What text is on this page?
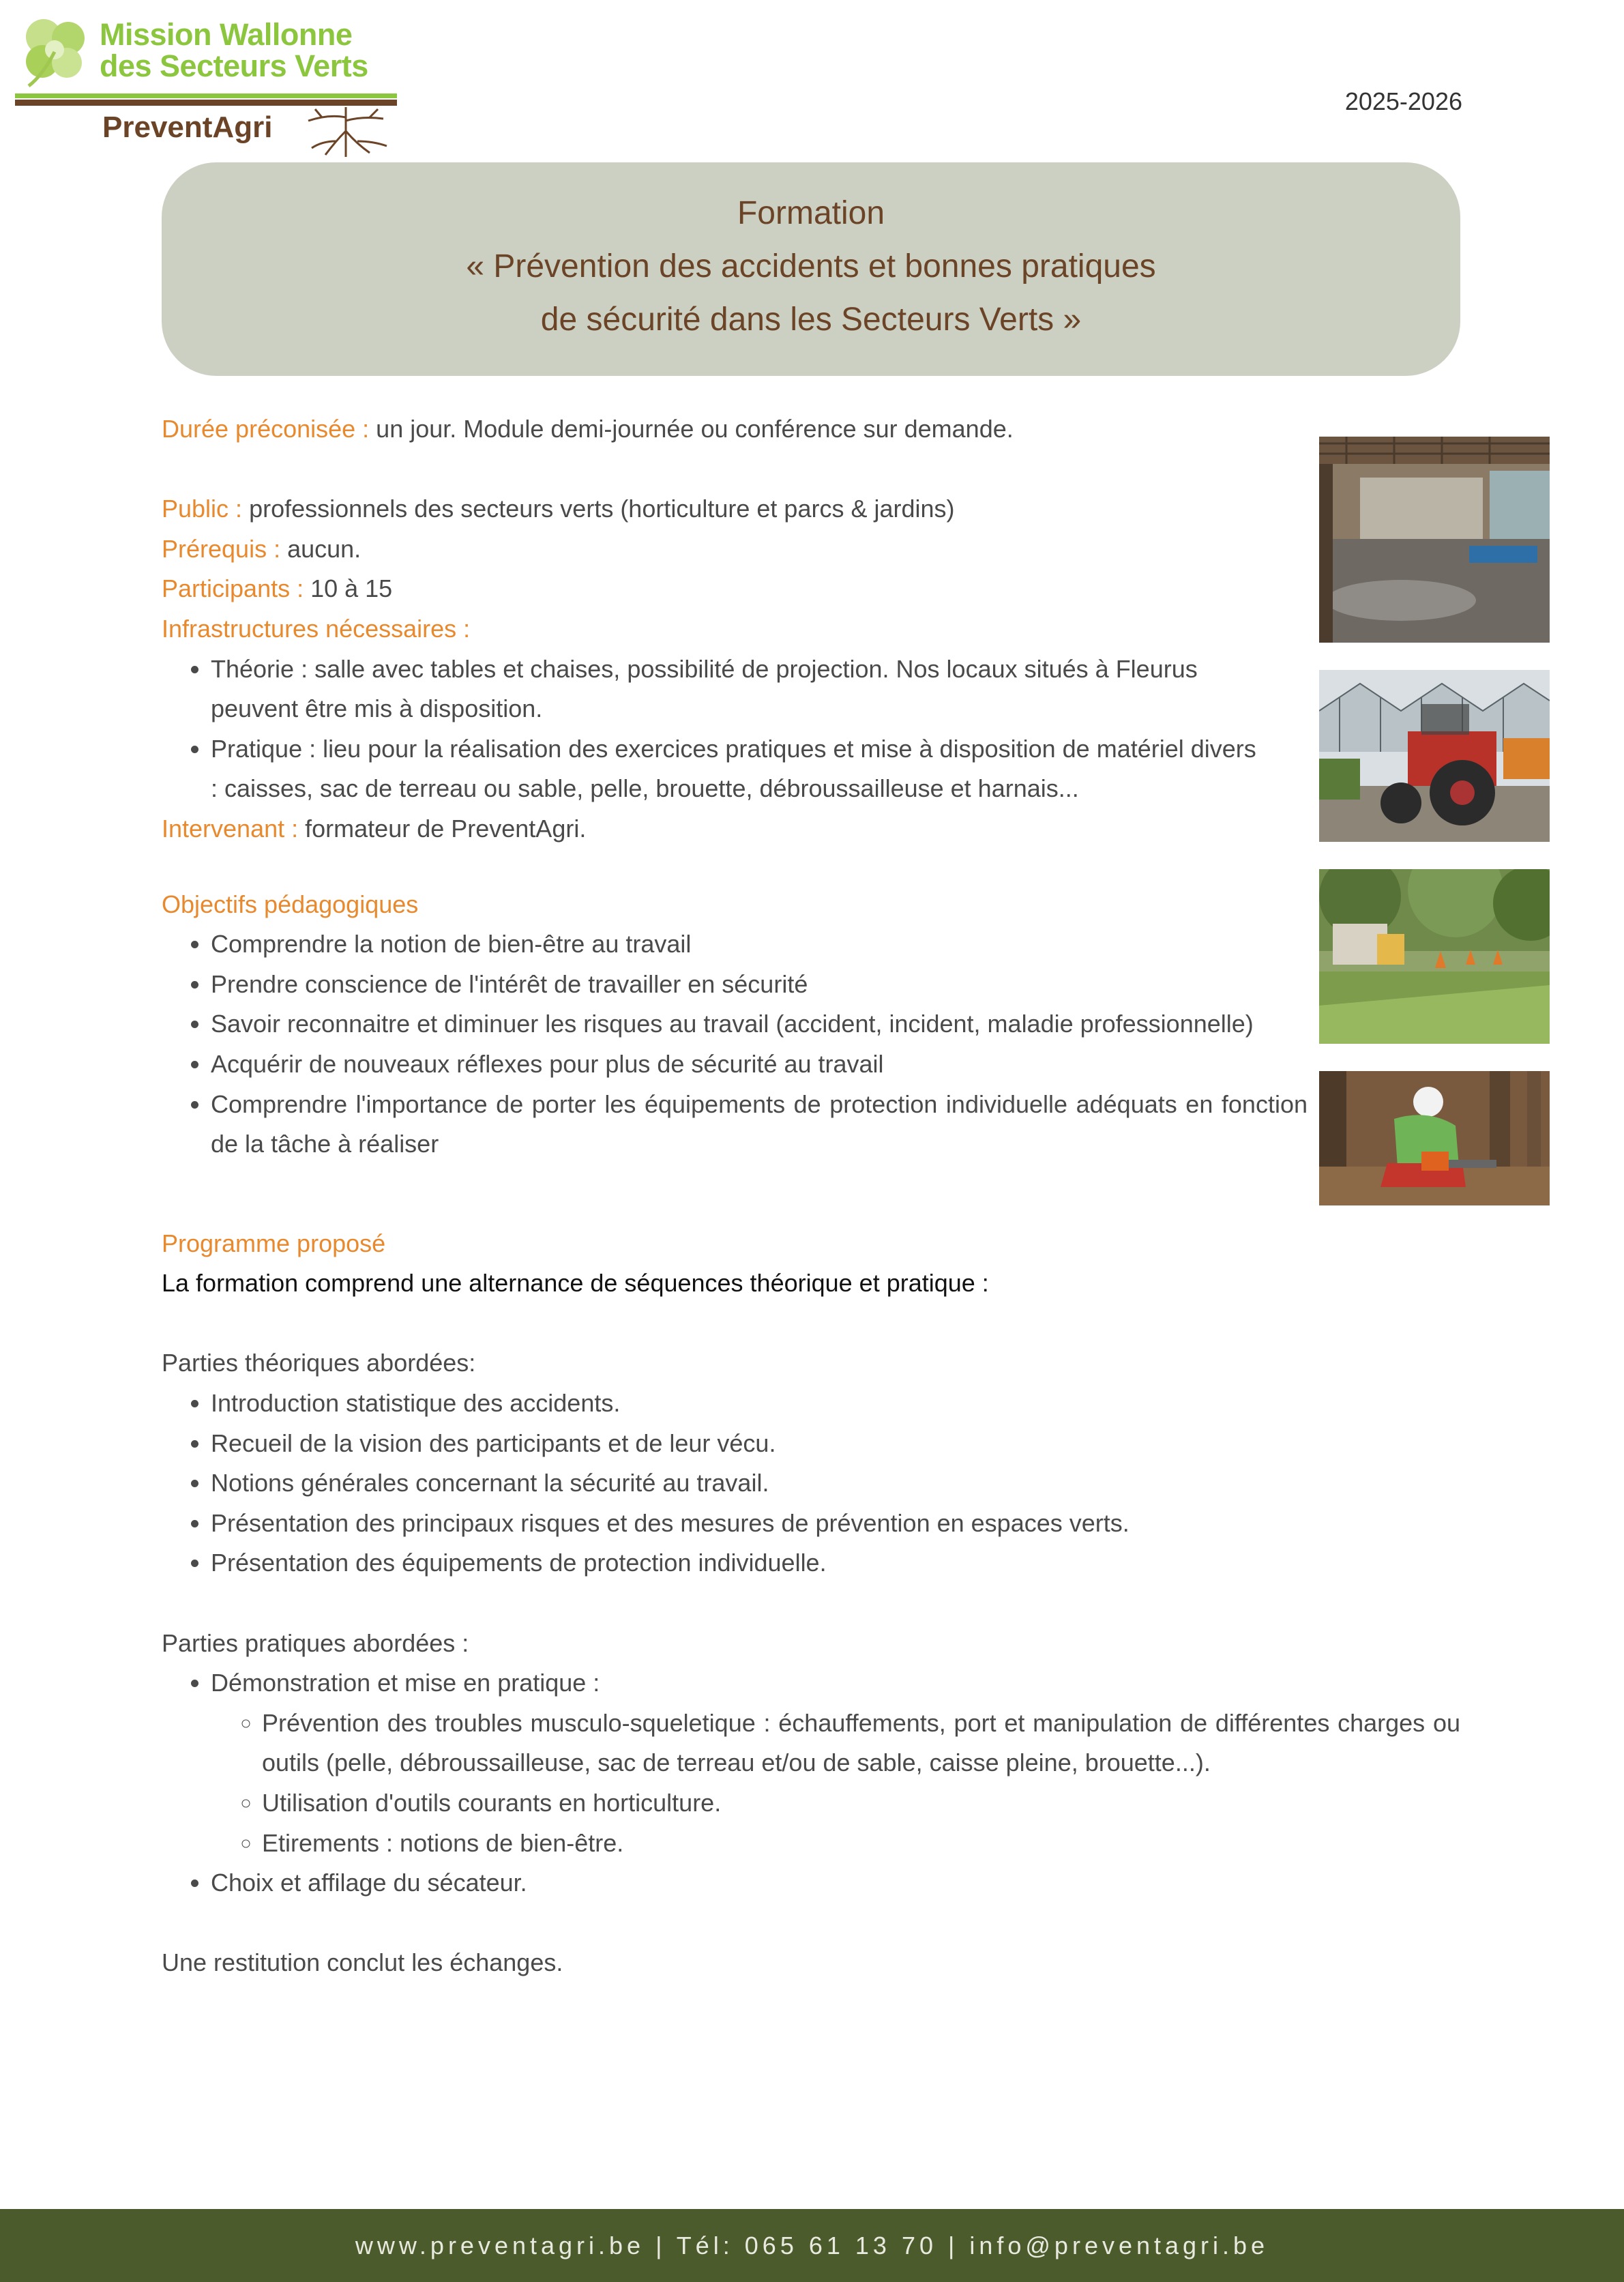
Mission Wallonne
des Secteurs Verts
PreventAgri
2025-2026
Formation
« Prévention des accidents et bonnes pratiques
de sécurité dans les Secteurs Verts »
Durée préconisée : un jour. Module demi-journée ou conférence sur demande.
Public : professionnels des secteurs verts (horticulture et parcs & jardins)
Prérequis : aucun.
Participants : 10 à 15
Infrastructures nécessaires :
• Théorie : salle avec tables et chaises, possibilité de projection. Nos locaux situés à Fleurus peuvent être mis à disposition.
• Pratique : lieu pour la réalisation des exercices pratiques et mise à disposition de matériel divers : caisses, sac de terreau ou sable, pelle, brouette, débroussailleuse et harnais...
Intervenant : formateur de PreventAgri.
Objectifs pédagogiques
• Comprendre la notion de bien-être au travail
• Prendre conscience de l'intérêt de travailler en sécurité
• Savoir reconnaitre et diminuer les risques au travail (accident, incident, maladie professionnelle)
• Acquérir de nouveaux réflexes pour plus de sécurité au travail
• Comprendre l'importance de porter les équipements de protection individuelle adéquats en fonction de la tâche à réaliser
Programme proposé
La formation comprend une alternance de séquences théorique et pratique :
Parties théoriques abordées:
• Introduction statistique des accidents.
• Recueil de la vision des participants et de leur vécu.
• Notions générales concernant la sécurité au travail.
• Présentation des principaux risques et des mesures de prévention en espaces verts.
• Présentation des équipements de protection individuelle.
Parties pratiques abordées :
• Démonstration et mise en pratique :
◦ Prévention des troubles musculo-squeletique : échauffements, port et manipulation de différentes charges ou outils (pelle, débroussailleuse, sac de terreau et/ou de sable, caisse pleine, brouette...).
◦ Utilisation d'outils courants en horticulture.
◦ Etirements : notions de bien-être.
• Choix et affilage du sécateur.
Une restitution conclut les échanges.
www.preventagri.be | Tél: 065 61 13 70 | info@preventagri.be
